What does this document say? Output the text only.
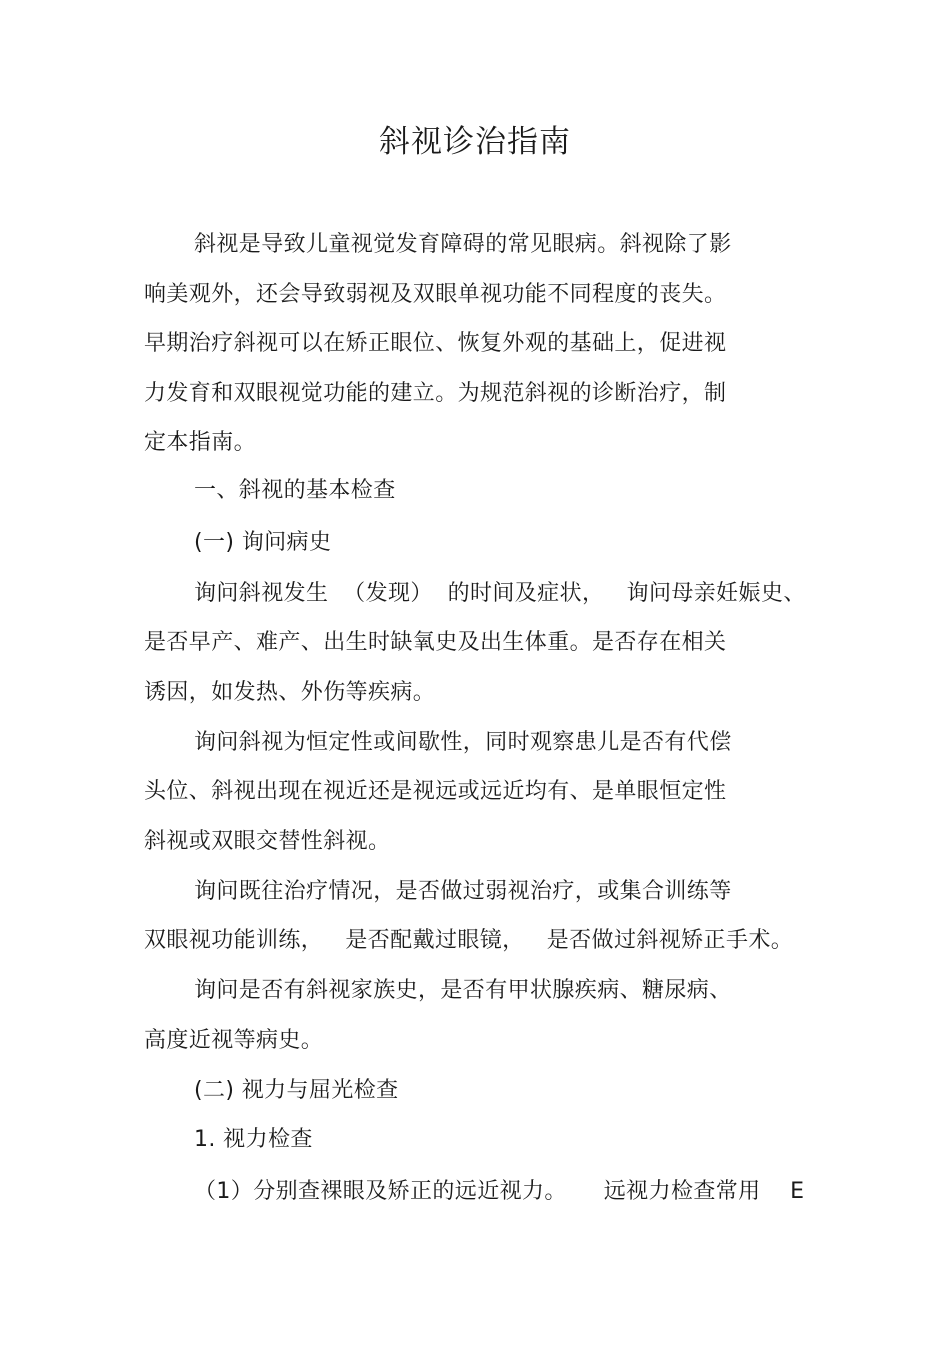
斜视诊治指南
斜视是导致儿童视觉发育障碍的常见眼病。斜视除了影
响美观外，还会导致弱视及双眼单视功能不同程度的丧失。
早期治疗斜视可以在矫正眼位、恢复外观的基础上，促进视
力发育和双眼视觉功能的建立。为规范斜视的诊断治疗，制
定本指南。
一、斜视的基本检查
(一) 询问病史
询问斜视发生  （发现）  的时间及症状，   询问母亲妊娠史、
是否早产、难产、出生时缺氧史及出生体重。是否存在相关
诱因，如发热、外伤等疾病。
询问斜视为恒定性或间歇性，同时观察患儿是否有代偿
头位、斜视出现在视近还是视远或远近均有、是单眼恒定性
斜视或双眼交替性斜视。
询问既往治疗情况，是否做过弱视治疗，或集合训练等
双眼视功能训练，   是否配戴过眼镜，   是否做过斜视矫正手术。
询问是否有斜视家族史，是否有甲状腺疾病、糖尿病、
高度近视等病史。
(二) 视力与屈光检查
1. 视力检查
（1）分别查裸眼及矫正的远近视力。     远视力检查常用    E
